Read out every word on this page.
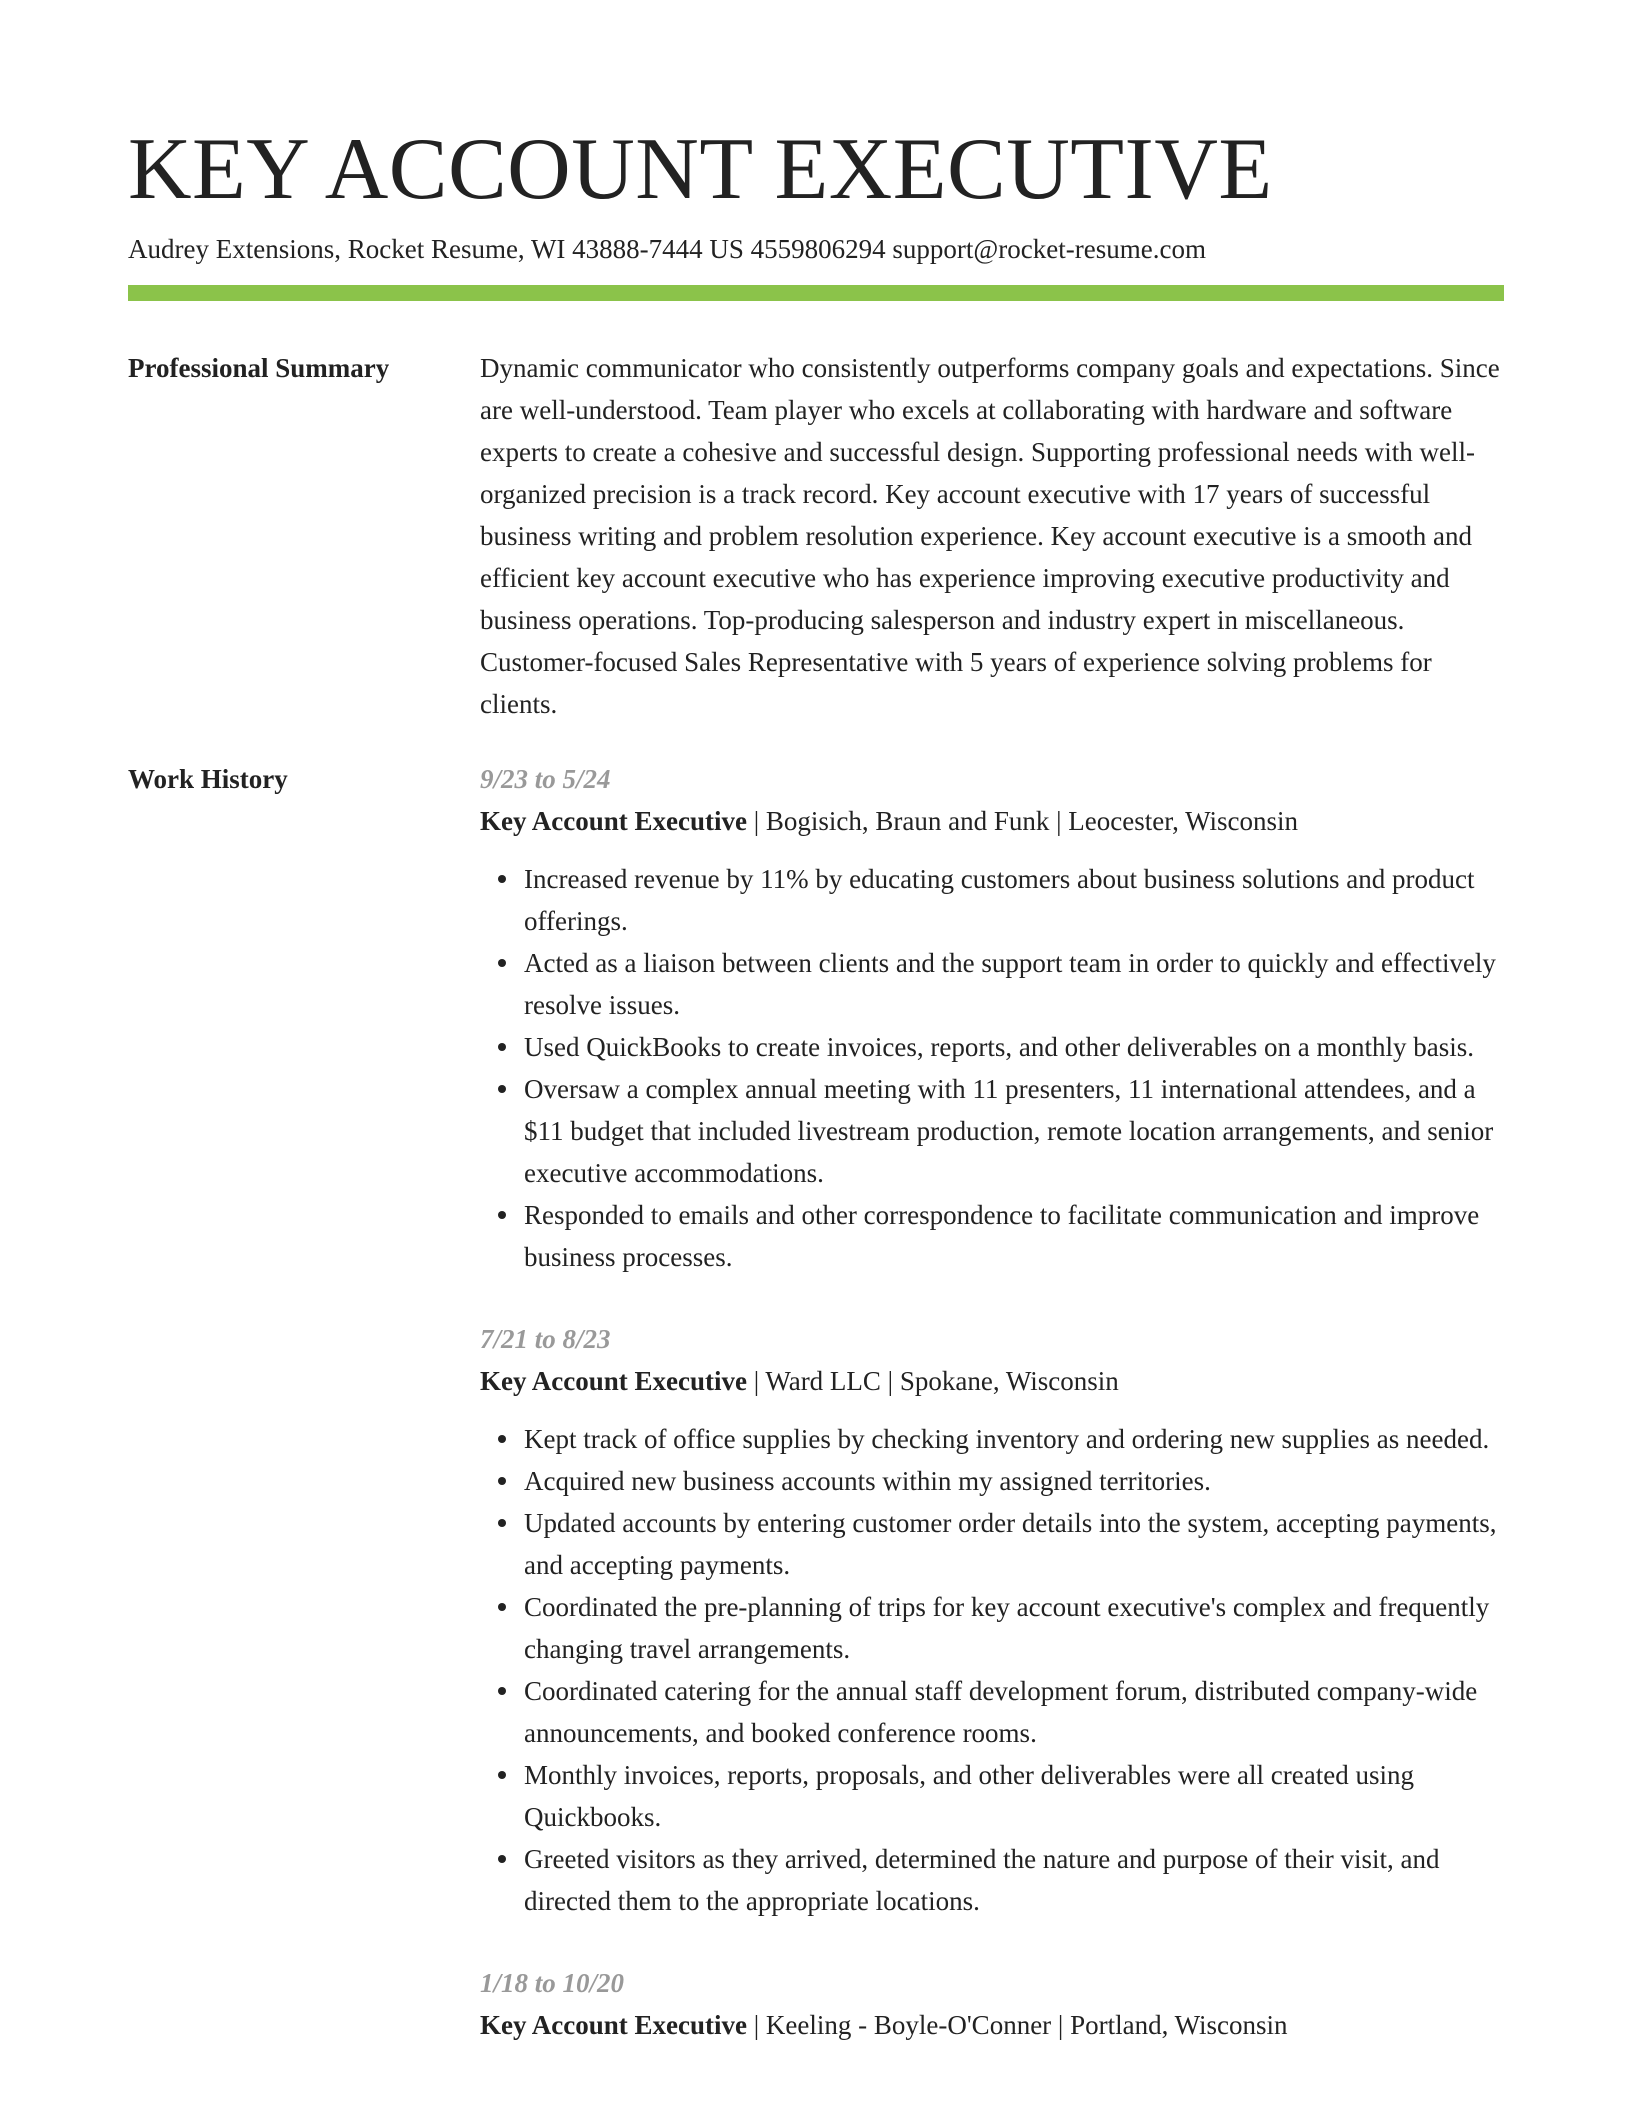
KEY ACCOUNT EXECUTIVE
Audrey Extensions, Rocket Resume, WI 43888-7444 US 4559806294 support@rocket-resume.com
Professional Summary	Dynamic communicator who consistently outperforms company goals and expectations. Since are well-understood. Team player who excels at collaborating with hardware and software experts to create a cohesive and successful design. Supporting professional needs with well-organized precision is a track record. Key account executive with 17 years of successful business writing and problem resolution experience. Key account executive is a smooth and efficient key account executive who has experience improving executive productivity and business operations. Top-producing salesperson and industry expert in miscellaneous. Customer-focused Sales Representative with 5 years of experience solving problems for clients.

Work History	9/23 to 5/24
Key Account Executive | Bogisich, Braun and Funk | Leocester, Wisconsin
Increased revenue by 11% by educating customers about business solutions and product offerings.
Acted as a liaison between clients and the support team in order to quickly and effectively resolve issues.
Used QuickBooks to create invoices, reports, and other deliverables on a monthly basis.
Oversaw a complex annual meeting with 11 presenters, 11 international attendees, and a $11 budget that included livestream production, remote location arrangements, and senior executive accommodations.
Responded to emails and other correspondence to facilitate communication and improve business processes.
7/21 to 8/23
Key Account Executive | Ward LLC | Spokane, Wisconsin
Kept track of office supplies by checking inventory and ordering new supplies as needed.
Acquired new business accounts within my assigned territories.
Updated accounts by entering customer order details into the system, accepting payments, and accepting payments.
Coordinated the pre-planning of trips for key account executive's complex and frequently changing travel arrangements.
Coordinated catering for the annual staff development forum, distributed company-wide announcements, and booked conference rooms.
Monthly invoices, reports, proposals, and other deliverables were all created using Quickbooks.
Greeted visitors as they arrived, determined the nature and purpose of their visit, and directed them to the appropriate locations.
1/18 to 10/20
Key Account Executive | Keeling - Boyle-O'Conner | Portland, Wisconsin
